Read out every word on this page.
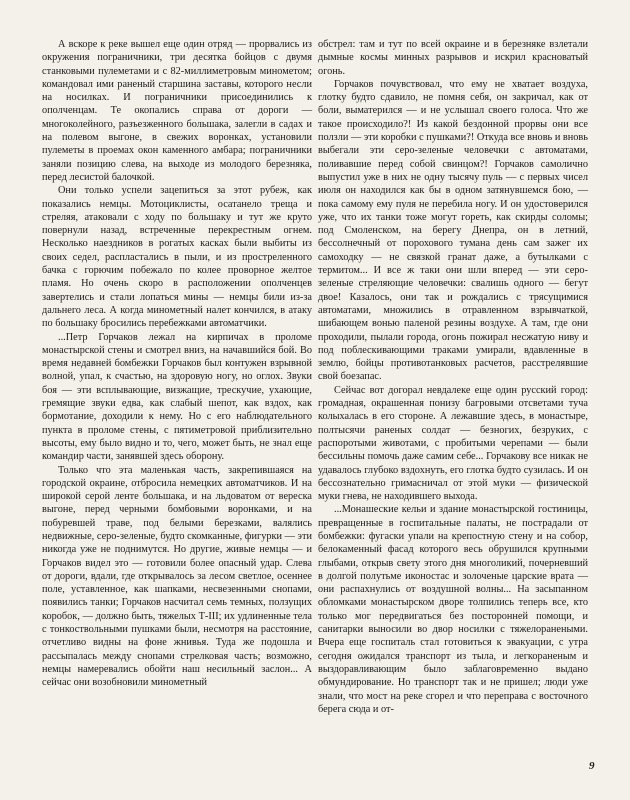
А вскоре к реке вышел еще один отряд — прорвались из окружения пограничники, три десятка бойцов с двумя станковыми пулеметами и с 82-миллиметровым минометом; командовал ими раненый старшина заставы, которого несли на носилках. И пограничники присоединились к ополченцам. Те окопались справа от дороги — многоколейного, разъезженного большака, залегли в садах и на полевом выгоне, в свежих воронках, установили пулеметы в проемах окон каменного амбара; пограничники заняли позицию слева, на выходе из молодого березняка, перед лесистой балочкой.

Они только успели зацепиться за этот рубеж, как показались немцы. Мотоциклисты, осатанело треща и стреляя, атаковали с ходу по большаку и тут же круто повернули назад, встреченные перекрестным огнем. Несколько наездников в рогатых касках были выбиты из своих седел, распластались в пыли, и из простреленного бачка с горючим побежало по колее проворное желтое пламя. Но очень скоро в расположении ополченцев завертелись и стали лопаться мины — немцы били из-за дальнего леса. А когда минометный налет кончился, в атаку по большаку бросились перебежками автоматчики.

...Петр Горчаков лежал на кирпичах в проломе монастырской стены и смотрел вниз, на начавшийся бой. Во время недавней бомбежки Горчаков был контужен взрывной волной, упал, к счастью, на здоровую ногу, но оглох. Звуки боя — эти всплывающие, визжащие, трескучие, ухающие, гремящие звуки едва, как слабый шепот, как вздох, как бормотание, доходили к нему. Но с его наблюдательного пункта в проломе стены, с пятиметровой приблизительно высоты, ему было видно и то, чего, может быть, не знал еще командир части, занявшей здесь оборону.

Только что эта маленькая часть, закрепившаяся на городской окраине, отбросила немецких автоматчиков. И на широкой серой ленте большака, и на льдоватом от вереска выгоне, перед черными бомбовыми воронками, и на побуревшей траве, под белыми березками, валялись недвижные, серо-зеленые, будто скомканные, фигурки — эти никогда уже не поднимутся. Но другие, живые немцы — и Горчаков видел это — готовили более опасный удар. Слева от дороги, вдали, где открывалось за лесом светлое, осеннее поле, уставленное, как шапками, несвезенными снопами, появились танки; Горчаков насчитал семь темных, ползущих коробок, — должно быть, тяжелых Т-III; их удлиненные тела с тонкоствольными пушками были, несмотря на расстояние, отчетливо видны на фоне жнивья. Туда же подошла и рассыпалась между снопами стрелковая часть; возможно, немцы намеревались обойти наш несильный заслон... А сейчас они возобновили минометный

обстрел: там и тут по всей окраине и в березняке взлетали дымные космы минных разрывов и искрил красноватый огонь.

Горчаков почувствовал, что ему не хватает воздуха, глотку будто сдавило, не помня себя, он закричал, как от боли, выматерился — и не услышал своего голоса. Что же такое происходило?! Из какой бездонной прорвы они все ползли — эти коробки с пушками?! Откуда все вновь и вновь выбегали эти серо-зеленые человечки с автоматами, поливавшие перед собой свинцом?! Горчаков самолично выпустил уже в них не одну тысячу пуль — с первых чисел июля он находился как бы в одном затянувшемся бою, — пока самому ему пуля не перебила ногу. И он удостоверился уже, что их танки тоже могут гореть, как скирды соломы; под Смоленском, на берегу Днепра, он в летний, бессолнечный от порохового тумана день сам зажег их самоходку — не связкой гранат даже, а бутылками с термитом... И все ж таки они шли вперед — эти серо-зеленые стреляющие человечки: свалишь одного — бегут двое! Казалось, они так и рождались с трясущимися автоматами, множились в отравленном взрывчаткой, шибающем вонью паленой резины воздухе. А там, где они проходили, пылали города, огонь пожирал несжатую ниву и под поблескивающими траками умирали, вдавленные в землю, бойцы противотанковых расчетов, расстрелявшие свой боезапас.

Сейчас вот догорал невдалеке еще один русский город: громадная, окрашенная понизу багровыми отсветами туча колыхалась в его стороне. А лежавшие здесь, в монастыре, полтысячи раненых солдат — безногих, безруких, с распоротыми животами, с пробитыми черепами — были бессильны помочь даже самим себе... Горчакову все никак не удавалось глубоко вздохнуть, его глотка будто сузилась. И он бессознательно гримасничал от этой муки — физической муки гнева, не находившего выхода.

...Монашеские кельи и здание монастырской гостиницы, превращенные в госпитальные палаты, не пострадали от бомбежки: фугаски упали на крепостную стену и на собор, белокаменный фасад которого весь обрушился крупными глыбами, открыв свету этого дня многоликий, почерневший в долгой полутьме иконостас и золоченые царские врата — они распахнулись от воздушной волны... На засыпанном обломками монастырском дворе толпились теперь все, кто только мог передвигаться без посторонней помощи, и санитарки выносили во двор носилки с тяжелоранеными. Вчера еще госпиталь стал готовиться к эвакуации, с утра сегодня ожидался транспорт из тыла, и легкораненым и выздоравливающим было заблаговременно выдано обмундирование. Но транспорт так и не пришел; люди уже знали, что мост на реке сгорел и что переправа с восточного берега сюда и от-

9
